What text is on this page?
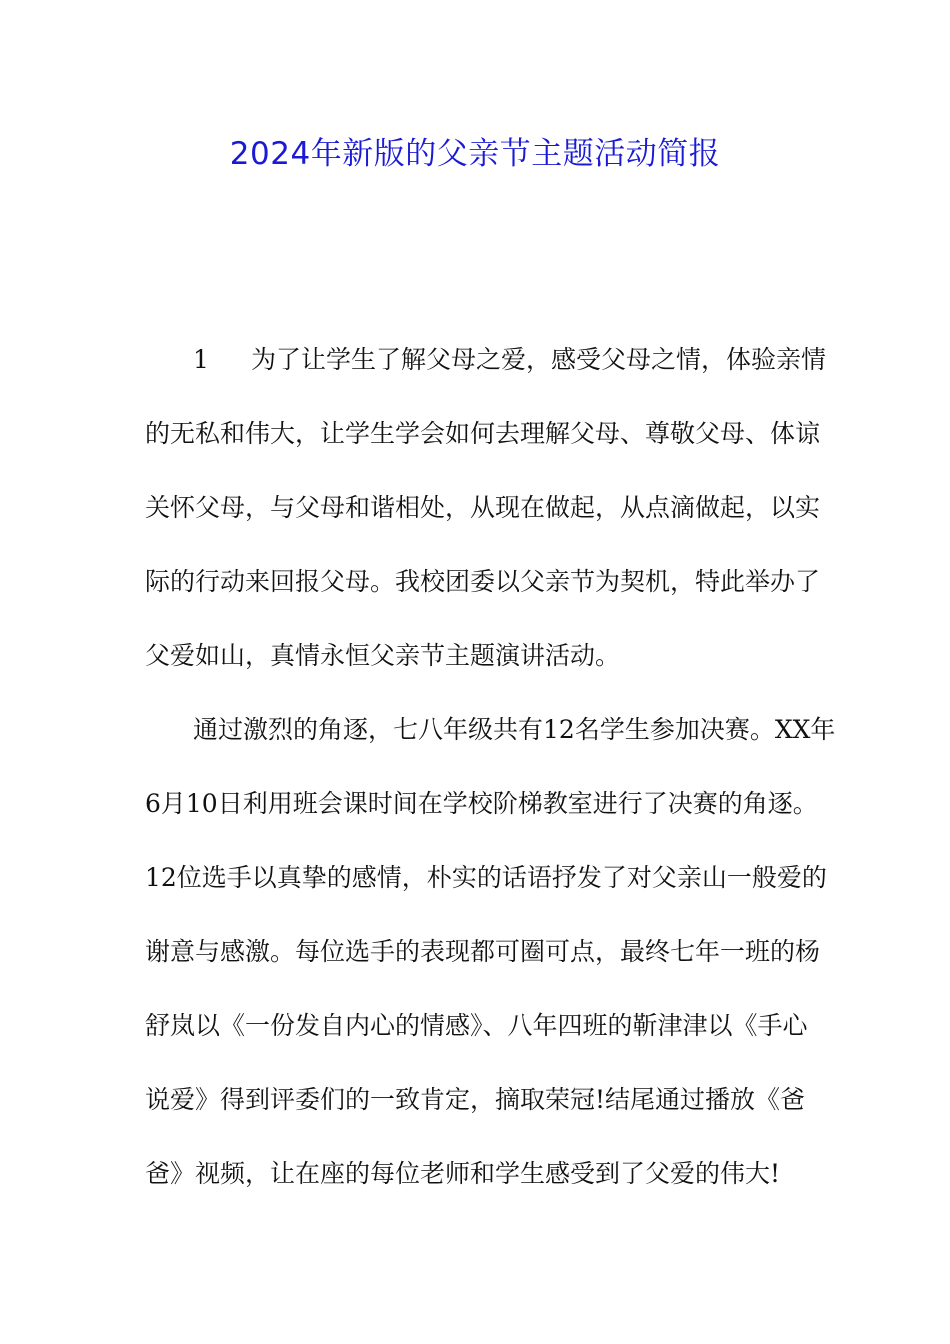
2024年新版的父亲节主题活动简报
1 为了让学生了解父母之爱，感受父母之情，体验亲情
的无私和伟大，让学生学会如何去理解父母、尊敬父母、体谅
关怀父母，与父母和谐相处，从现在做起，从点滴做起，以实
际的行动来回报父母。我校团委以父亲节为契机，特此举办了
父爱如山，真情永恒父亲节主题演讲活动。
通过激烈的角逐，七八年级共有12名学生参加决赛。XX年
6月10日利用班会课时间在学校阶梯教室进行了决赛的角逐。
12位选手以真挚的感情，朴实的话语抒发了对父亲山一般爱的
谢意与感激。每位选手的表现都可圈可点，最终七年一班的杨
舒岚以《一份发自内心的情感》、八年四班的靳津津以《手心
说爱》得到评委们的一致肯定，摘取荣冠!结尾通过播放《爸
爸》视频，让在座的每位老师和学生感受到了父爱的伟大!
